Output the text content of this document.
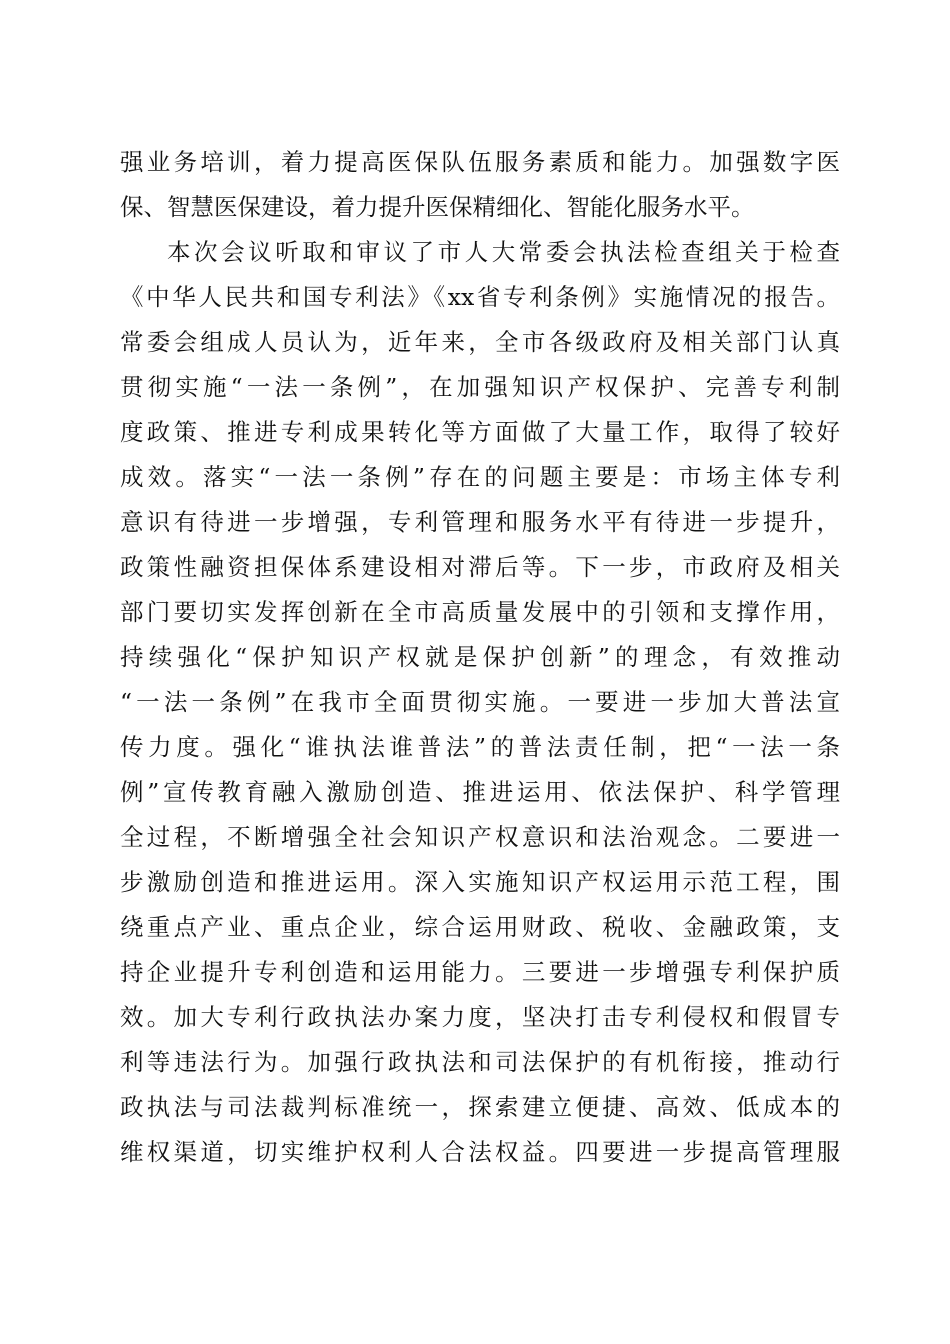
强业务培训，着力提高医保队伍服务素质和能力。加强数字医
保、智慧医保建设，着力提升医保精细化、智能化服务水平。
本次会议听取和审议了市人大常委会执法检查组关于检查
《中华人民共和国专利法》《xx省专利条例》实施情况的报告。
常委会组成人员认为，近年来，全市各级政府及相关部门认真
贯彻实施“一法一条例”，在加强知识产权保护、完善专利制
度政策、推进专利成果转化等方面做了大量工作，取得了较好
成效。落实“一法一条例”存在的问题主要是：市场主体专利
意识有待进一步增强，专利管理和服务水平有待进一步提升，
政策性融资担保体系建设相对滞后等。下一步，市政府及相关
部门要切实发挥创新在全市高质量发展中的引领和支撑作用，
持续强化“保护知识产权就是保护创新”的理念，有效推动
“一法一条例”在我市全面贯彻实施。一要进一步加大普法宣
传力度。强化“谁执法谁普法”的普法责任制，把“一法一条
例”宣传教育融入激励创造、推进运用、依法保护、科学管理
全过程，不断增强全社会知识产权意识和法治观念。二要进一
步激励创造和推进运用。深入实施知识产权运用示范工程，围
绕重点产业、重点企业，综合运用财政、税收、金融政策，支
持企业提升专利创造和运用能力。三要进一步增强专利保护质
效。加大专利行政执法办案力度，坚决打击专利侵权和假冒专
利等违法行为。加强行政执法和司法保护的有机衔接，推动行
政执法与司法裁判标准统一，探索建立便捷、高效、低成本的
维权渠道，切实维护权利人合法权益。四要进一步提高管理服
